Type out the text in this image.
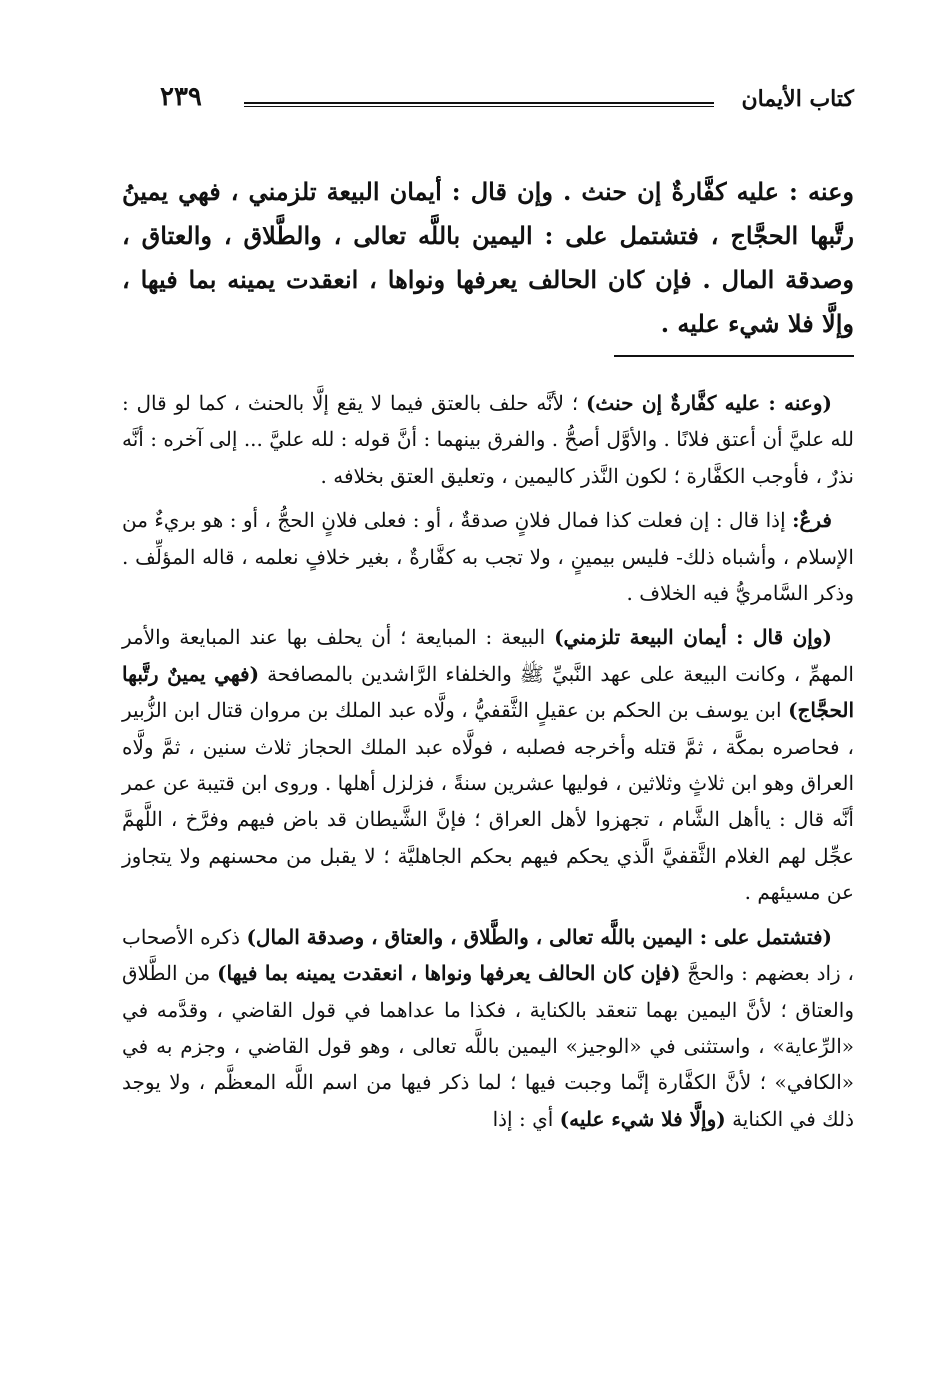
كتاب الأيمان
٢٣٩
وعنه : عليه كفَّارةٌ إن حنث . وإن قال : أيمان البيعة تلزمني ، فهي يمينُ رتَّبها الحجَّاج ، فتشتمل على : اليمين باللَّه تعالى ، والطَّلاق ، والعتاق ، وصدقة المال . فإن كان الحالف يعرفها ونواها ، انعقدت يمينه بما فيها ، وإلَّا فلا شيء عليه .

(وعنه : عليه كفَّارةٌ إن حنث) ؛ لأنَّه حلف بالعتق فيما لا يقع إلَّا بالحنث ، كما لو قال : لله عليَّ أن أعتق فلانًا . والأوَّل أصحُّ . والفرق بينهما : أنَّ قوله : لله عليَّ ... إلى آخره : أنَّه نذرٌ ، فأوجب الكفَّارة ؛ لكون النَّذر كاليمين ، وتعليق العتق بخلافه .

فرعٌ: إذا قال : إن فعلت كذا فمال فلانٍ صدقةٌ ، أو : فعلى فلانٍ الحجُّ ، أو : هو بريءٌ من الإسلام ، وأشباه ذلك- فليس بيمينٍ ، ولا تجب به كفَّارةٌ ، بغير خلافٍ نعلمه ، قاله المؤلِّف . وذكر السَّامريُّ فيه الخلاف .

(وإن قال : أيمان البيعة تلزمني) البيعة : المبايعة ؛ أن يحلف بها عند المبايعة والأمر المهمِّ ، وكانت البيعة على عهد النَّبيِّ ﷺ والخلفاء الرَّاشدين بالمصافحة (فهي يمينٌ رتَّبها الحجَّاج) ابن يوسف بن الحكم بن عقيلٍ الثَّقفيُّ ، ولَّاه عبد الملك بن مروان قتال ابن الزُّبير ، فحاصره بمكَّة ، ثمَّ قتله وأخرجه فصلبه ، فولَّاه عبد الملك الحجاز ثلاث سنين ، ثمَّ ولَّاه العراق وهو ابن ثلاثٍ وثلاثين ، فوليها عشرين سنةً ، فزلزل أهلها . وروى ابن قتيبة عن عمر أنَّه قال : ياأهل الشَّام ، تجهزوا لأهل العراق ؛ فإنَّ الشَّيطان قد باض فيهم وفرَّخ ، اللَّهمَّ عجِّل لهم الغلام الثَّقفيَّ الَّذي يحكم فيهم بحكم الجاهليَّة ؛ لا يقبل من محسنهم ولا يتجاوز عن مسيئهم .

(فتشتمل على : اليمين باللَّه تعالى ، والطَّلاق ، والعتاق ، وصدقة المال) ذكره الأصحاب ، زاد بعضهم : والحجَّ (فإن كان الحالف يعرفها ونواها ، انعقدت يمينه بما فيها) من الطَّلاق والعتاق ؛ لأنَّ اليمين بهما تنعقد بالكناية ، فكذا ما عداهما في قول القاضي ، وقدَّمه في «الرِّعاية» ، واستثنى في «الوجيز» اليمين باللَّه تعالى ، وهو قول القاضي ، وجزم به في «الكافي» ؛ لأنَّ الكفَّارة إنَّما وجبت فيها ؛ لما ذكر فيها من اسم اللَّه المعظَّم ، ولا يوجد ذلك في الكناية (وإلَّا فلا شيء عليه) أي : إذا
